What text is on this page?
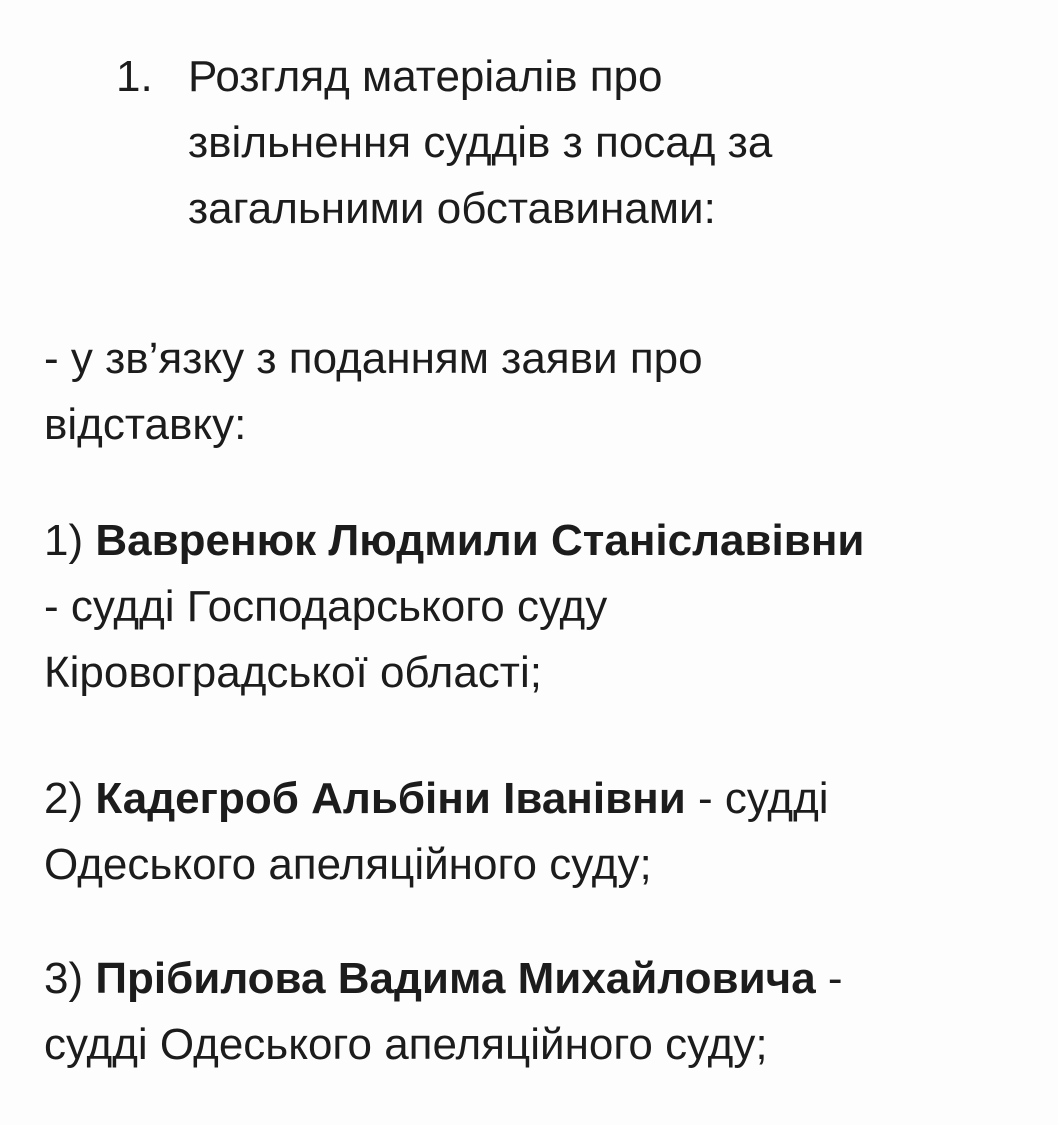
1. Розгляд матеріалів про
звільнення суддів з посад за
загальними обставинами:
- у зв’язку з поданням заяви про
відставку:
1) Вавренюк Людмили Станіславівни
- судді Господарського суду
Кіровоградської області;
2) Кадегроб Альбіни Іванівни - судді
Одеського апеляційного суду;
3) Прібилова Вадима Михайловича -
судді Одеського апеляційного суду;
